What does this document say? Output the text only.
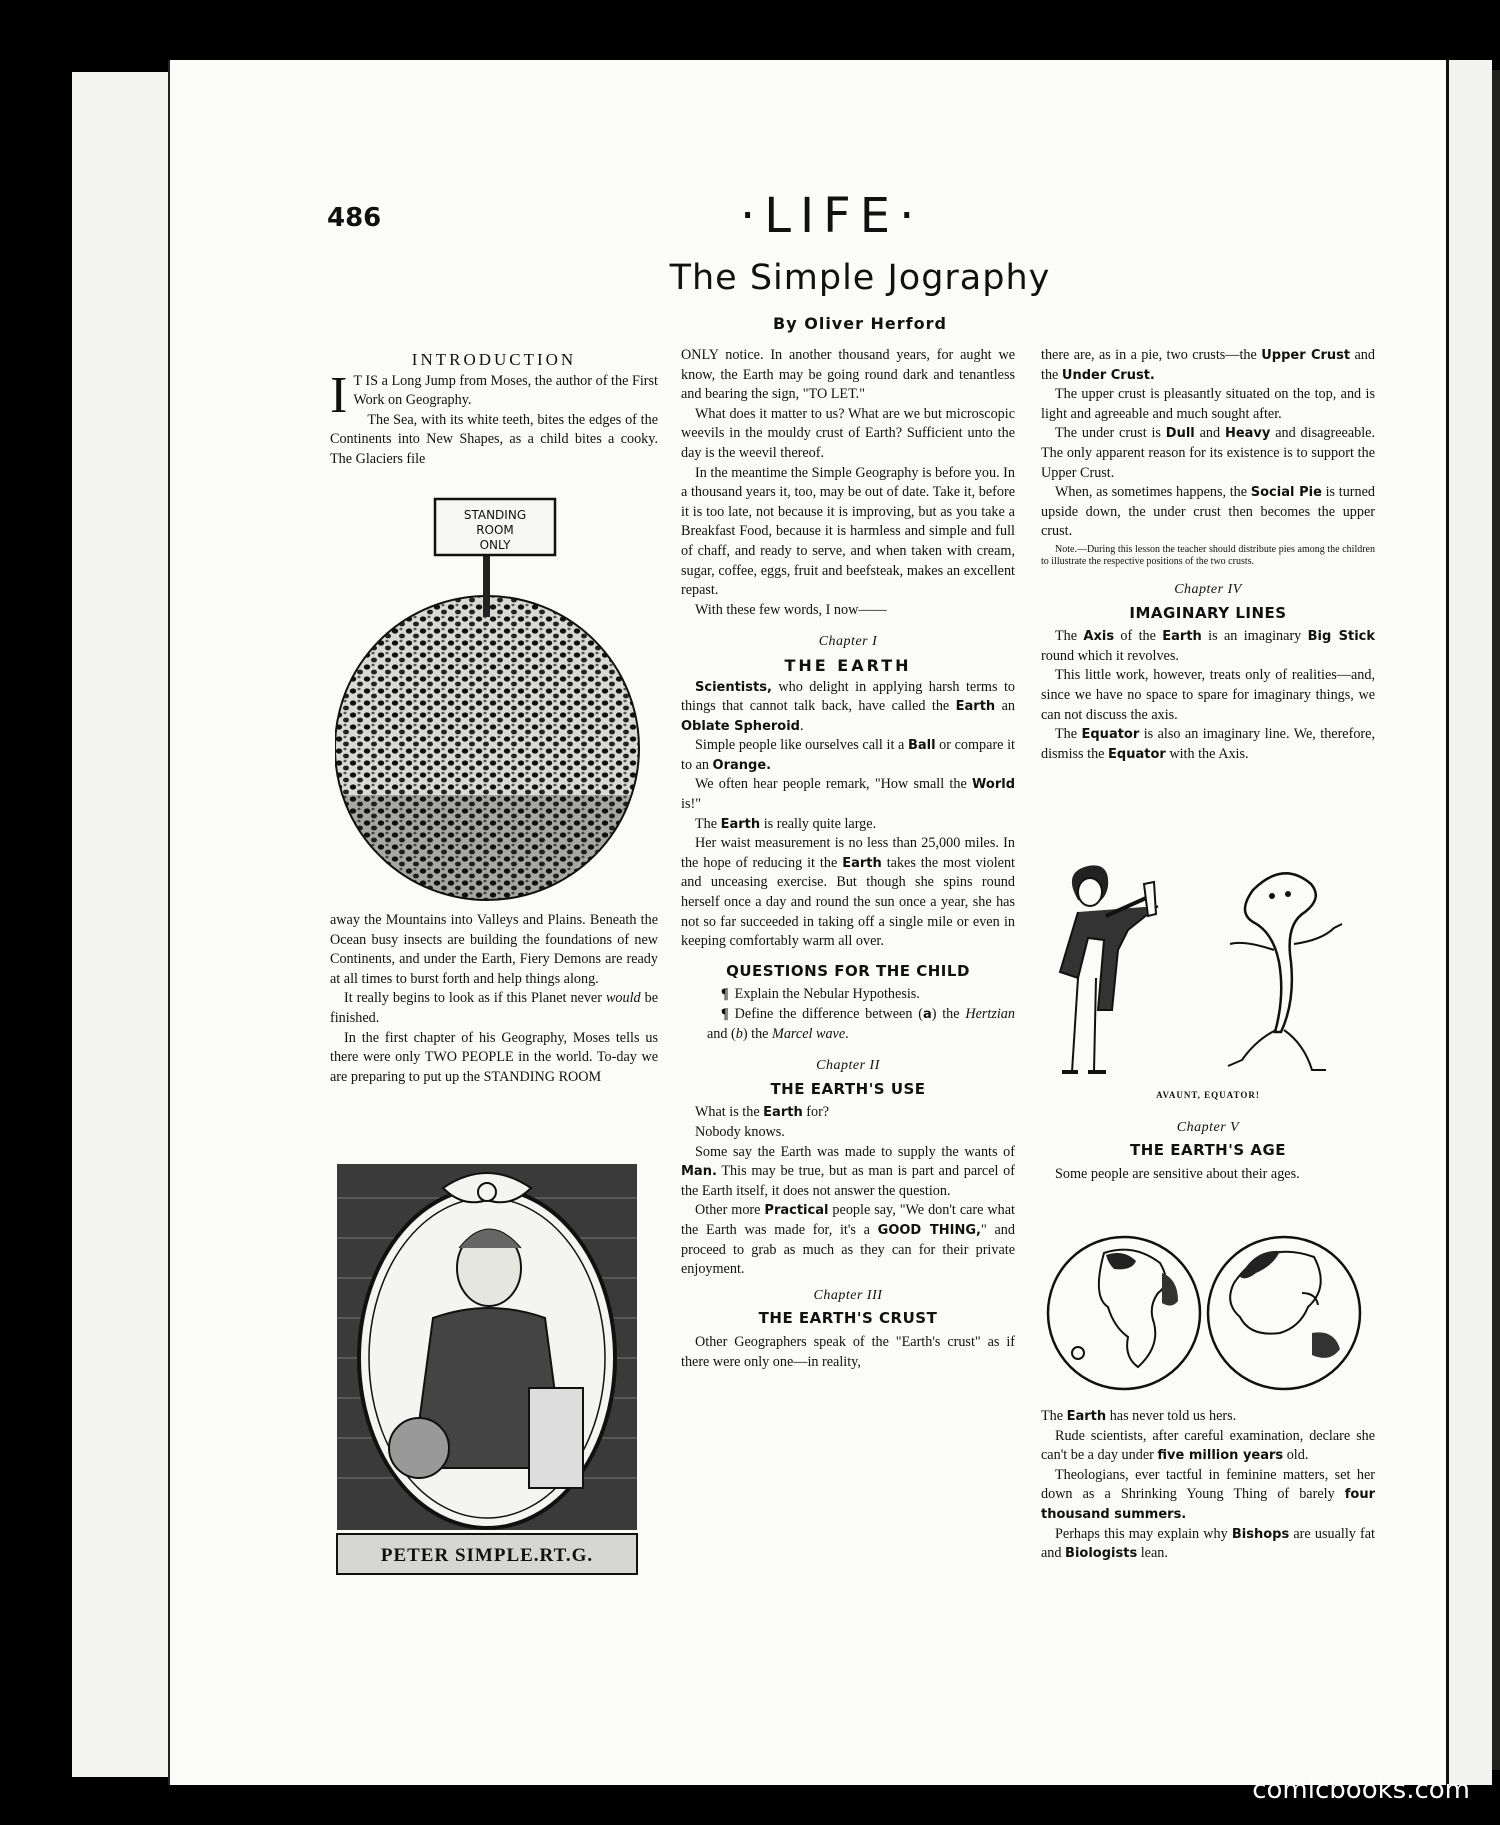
486	·LIFE·
The Simple Jography
By Oliver Herford
INTRODUCTION
I T IS a Long Jump from Moses, the author of the First Work on Geography.

The Sea, with its white teeth, bites the edges of the Continents into New Shapes, as a child bites a cooky. The Glaciers file

STANDING
ROOM
ONLY

away the Mountains into Valleys and Plains. Beneath the Ocean busy insects are building the foundations of new Continents, and under the Earth, Fiery Demons are ready at all times to burst forth and help things along.

It really begins to look as if this Planet never would be finished.

In the first chapter of his Geography, Moses tells us there were only TWO PEOPLE in the world. To-day we are preparing to put up the STANDING ROOM

PETER SIMPLE.RT.G.

ONLY notice. In another thousand years, for aught we know, the Earth may be going round dark and tenantless and bearing the sign, "TO LET."

What does it matter to us? What are we but microscopic weevils in the mouldy crust of Earth? Sufficient unto the day is the weevil thereof.

In the meantime the Simple Geography is before you. In a thousand years it, too, may be out of date. Take it, before it is too late, not because it is improving, but as you take a Breakfast Food, because it is harmless and simple and full of chaff, and ready to serve, and when taken with cream, sugar, coffee, eggs, fruit and beefsteak, makes an excellent repast.

With these few words, I now——

Chapter I
THE EARTH

Scientists, who delight in applying harsh terms to things that cannot talk back, have called the Earth an Oblate Spheroid.

Simple people like ourselves call it a Ball or compare it to an Orange.

We often hear people remark, "How small the World is!"

The Earth is really quite large.

Her waist measurement is no less than 25,000 miles. In the hope of reducing it the Earth takes the most violent and unceasing exercise. But though she spins round herself once a day and round the sun once a year, she has not so far succeeded in taking off a single mile or even in keeping comfortably warm all over.

QUESTIONS FOR THE CHILD

¶ Explain the Nebular Hypothesis.

¶ Define the difference between (a) the Hertzian and (b) the Marcel wave.

Chapter II
THE EARTH'S USE

What is the Earth for?

Nobody knows.

Some say the Earth was made to supply the wants of Man. This may be true, but as man is part and parcel of the Earth itself, it does not answer the question.

Other more Practical people say, "We don't care what the Earth was made for, it's a GOOD THING," and proceed to grab as much as they can for their private enjoyment.

Chapter III
THE EARTH'S CRUST

Other Geographers speak of the "Earth's crust" as if there were only one—in reality,

there are, as in a pie, two crusts—the Upper Crust and the Under Crust.

The upper crust is pleasantly situated on the top, and is light and agreeable and much sought after.

The under crust is Dull and Heavy and disagreeable. The only apparent reason for its existence is to support the Upper Crust.

When, as sometimes happens, the Social Pie is turned upside down, the under crust then becomes the upper crust.

Note.—During this lesson the teacher should distribute pies among the children to illustrate the respective positions of the two crusts.

Chapter IV
IMAGINARY LINES

The Axis of the Earth is an imaginary Big Stick round which it revolves.

This little work, however, treats only of realities—and, since we have no space to spare for imaginary things, we can not discuss the axis.

The Equator is also an imaginary line. We, therefore, dismiss the Equator with the Axis.

AVAUNT, EQUATOR!
Chapter V
THE EARTH'S AGE

Some people are sensitive about their ages.

The Earth has never told us hers.

Rude scientists, after careful examination, declare she can't be a day under five million years old.

Theologians, ever tactful in feminine matters, set her down as a Shrinking Young Thing of barely four thousand summers.

Perhaps this may explain why Bishops are usually fat and Biologists lean.

comicbooks.com
